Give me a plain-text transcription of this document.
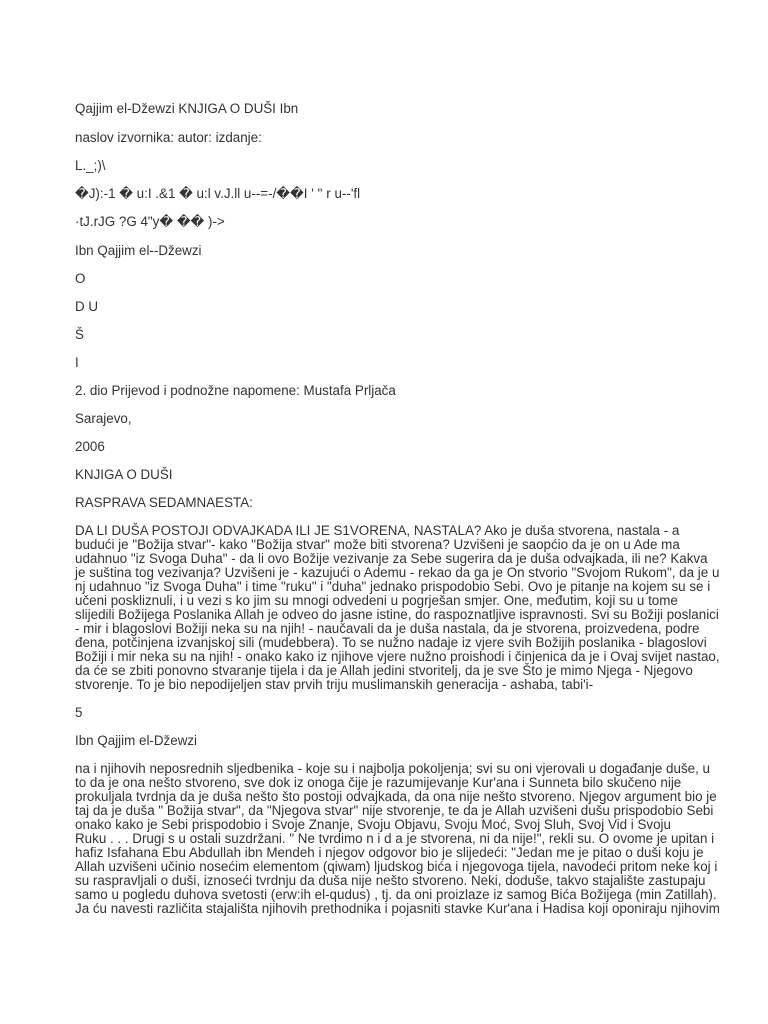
Qajjim el-Džewzi KNJIGA O DUŠI Ibn

naslov izvornika: autor: izdanje:

L._;)\

�J):-1 � u:I .&1 � u:l v.J.ll u--=-/��I ' '' r u--'fl

·tJ.rJG ?G 4"y� �� )->

Ibn Qajjim el--Džewzi

O

D U

Š

I

2. dio Prijevod i podnožne napomene: Mustafa Prljača

Sarajevo,

2006

KNJIGA O DUŠI

RASPRAVA SEDAMNAESTA:

DA LI DUŠA POSTOJI ODVAJKADA ILI JE S1VORENA, NASTALA? Ako je duša stvorena, nastala - a
budući je "Božija stvar"- kako "Božija stvar" može biti stvorena? Uzvišeni je saopćio da je on u Ade ma
udahnuo "iz Svoga Duha" - da li ovo Božije vezivanje za Sebe sugerira da je duša odvajkada, ili ne? Kakva
je suština tog vezivanja? Uzvišeni je - kazujući o Ademu - rekao da ga je On stvorio "Svojom Rukom", da je u
nj udahnuo "iz Svoga Duha" i time "ruku" i "duha" jednako prispodobio Sebi. Ovo je pitanje na kojem su se i
učeni poskliznuli, i u vezi s ko jim su mnogi odvedeni u pogrješan smjer. One, međutim, koji su u tome
slijedili Božijega Poslanika Allah je odveo do jasne istine, do raspoznatljive ispravnosti. Svi su Božiji poslanici
- mir i blagoslovi Božiji neka su na njih! - naučavali da je duša nastala, da je stvorena, proizvedena, podre
đena, potčinjena izvanjskoj sili (mudebbera). To se nužno nadaje iz vjere svih Božijih poslanika - blagoslovi
Božiji i mir neka su na njih! - onako kako iz njihove vjere nužno proishodi i činjenica da je i Ovaj svijet nastao,
da će se zbiti ponovno stvaranje tijela i da je Allah jedini stvoritelj, da je sve Što je mimo Njega - Njegovo
stvorenje. To je bio nepodijeljen stav prvih triju muslimanskih generacija - ashaba, tabi'i-

5

Ibn Qajjim el-Džewzi

na i njihovih neposrednih sljedbenika - koje su i najbolja pokoljenja; svi su oni vjerovali u događanje duše, u
to da je ona nešto stvoreno, sve dok iz onoga čije je razumijevanje Kur'ana i Sunneta bilo skučeno nije
prokuljala tvrdnja da je duša nešto što postoji odvajkada, da ona nije nešto stvoreno. Njegov argument bio je
taj da je duša " Božija stvar", da "Njegova stvar" nije stvorenje, te da je Allah uzvišeni dušu prispodobio Sebi
onako kako je Sebi prispodobio i Svoje Znanje, Svoju Objavu, Svoju Moć, Svoj Sluh, Svoj Vid i Svoju
Ruku . . . Drugi s u ostali suzdržani. " Ne tvrdimo n i d a je stvorena, ni da nije!", rekli su. O ovome je upitan i
hafiz Isfahana Ebu Abdullah ibn Mendeh i njegov odgovor bio je slijedeći: "Jedan me je pitao o duši koju je
Allah uzvišeni učinio nosećim elementom (qiwam) ljudskog bića i njegovoga tijela, navodeći pritom neke koj i
su raspravljali o duši, iznoseći tvrdnju da duša nije nešto stvoreno. Neki, doduše, takvo stajalište zastupaju
samo u pogledu duhova svetosti (erw:ih el-qudus) , tj. da oni proizlaze iz samog Bića Božijega (min Zatillah).
Ja ću navesti različita stajališta njihovih prethodnika i pojasniti stavke Kur'ana i Hadisa koji oponiraju njihovim
